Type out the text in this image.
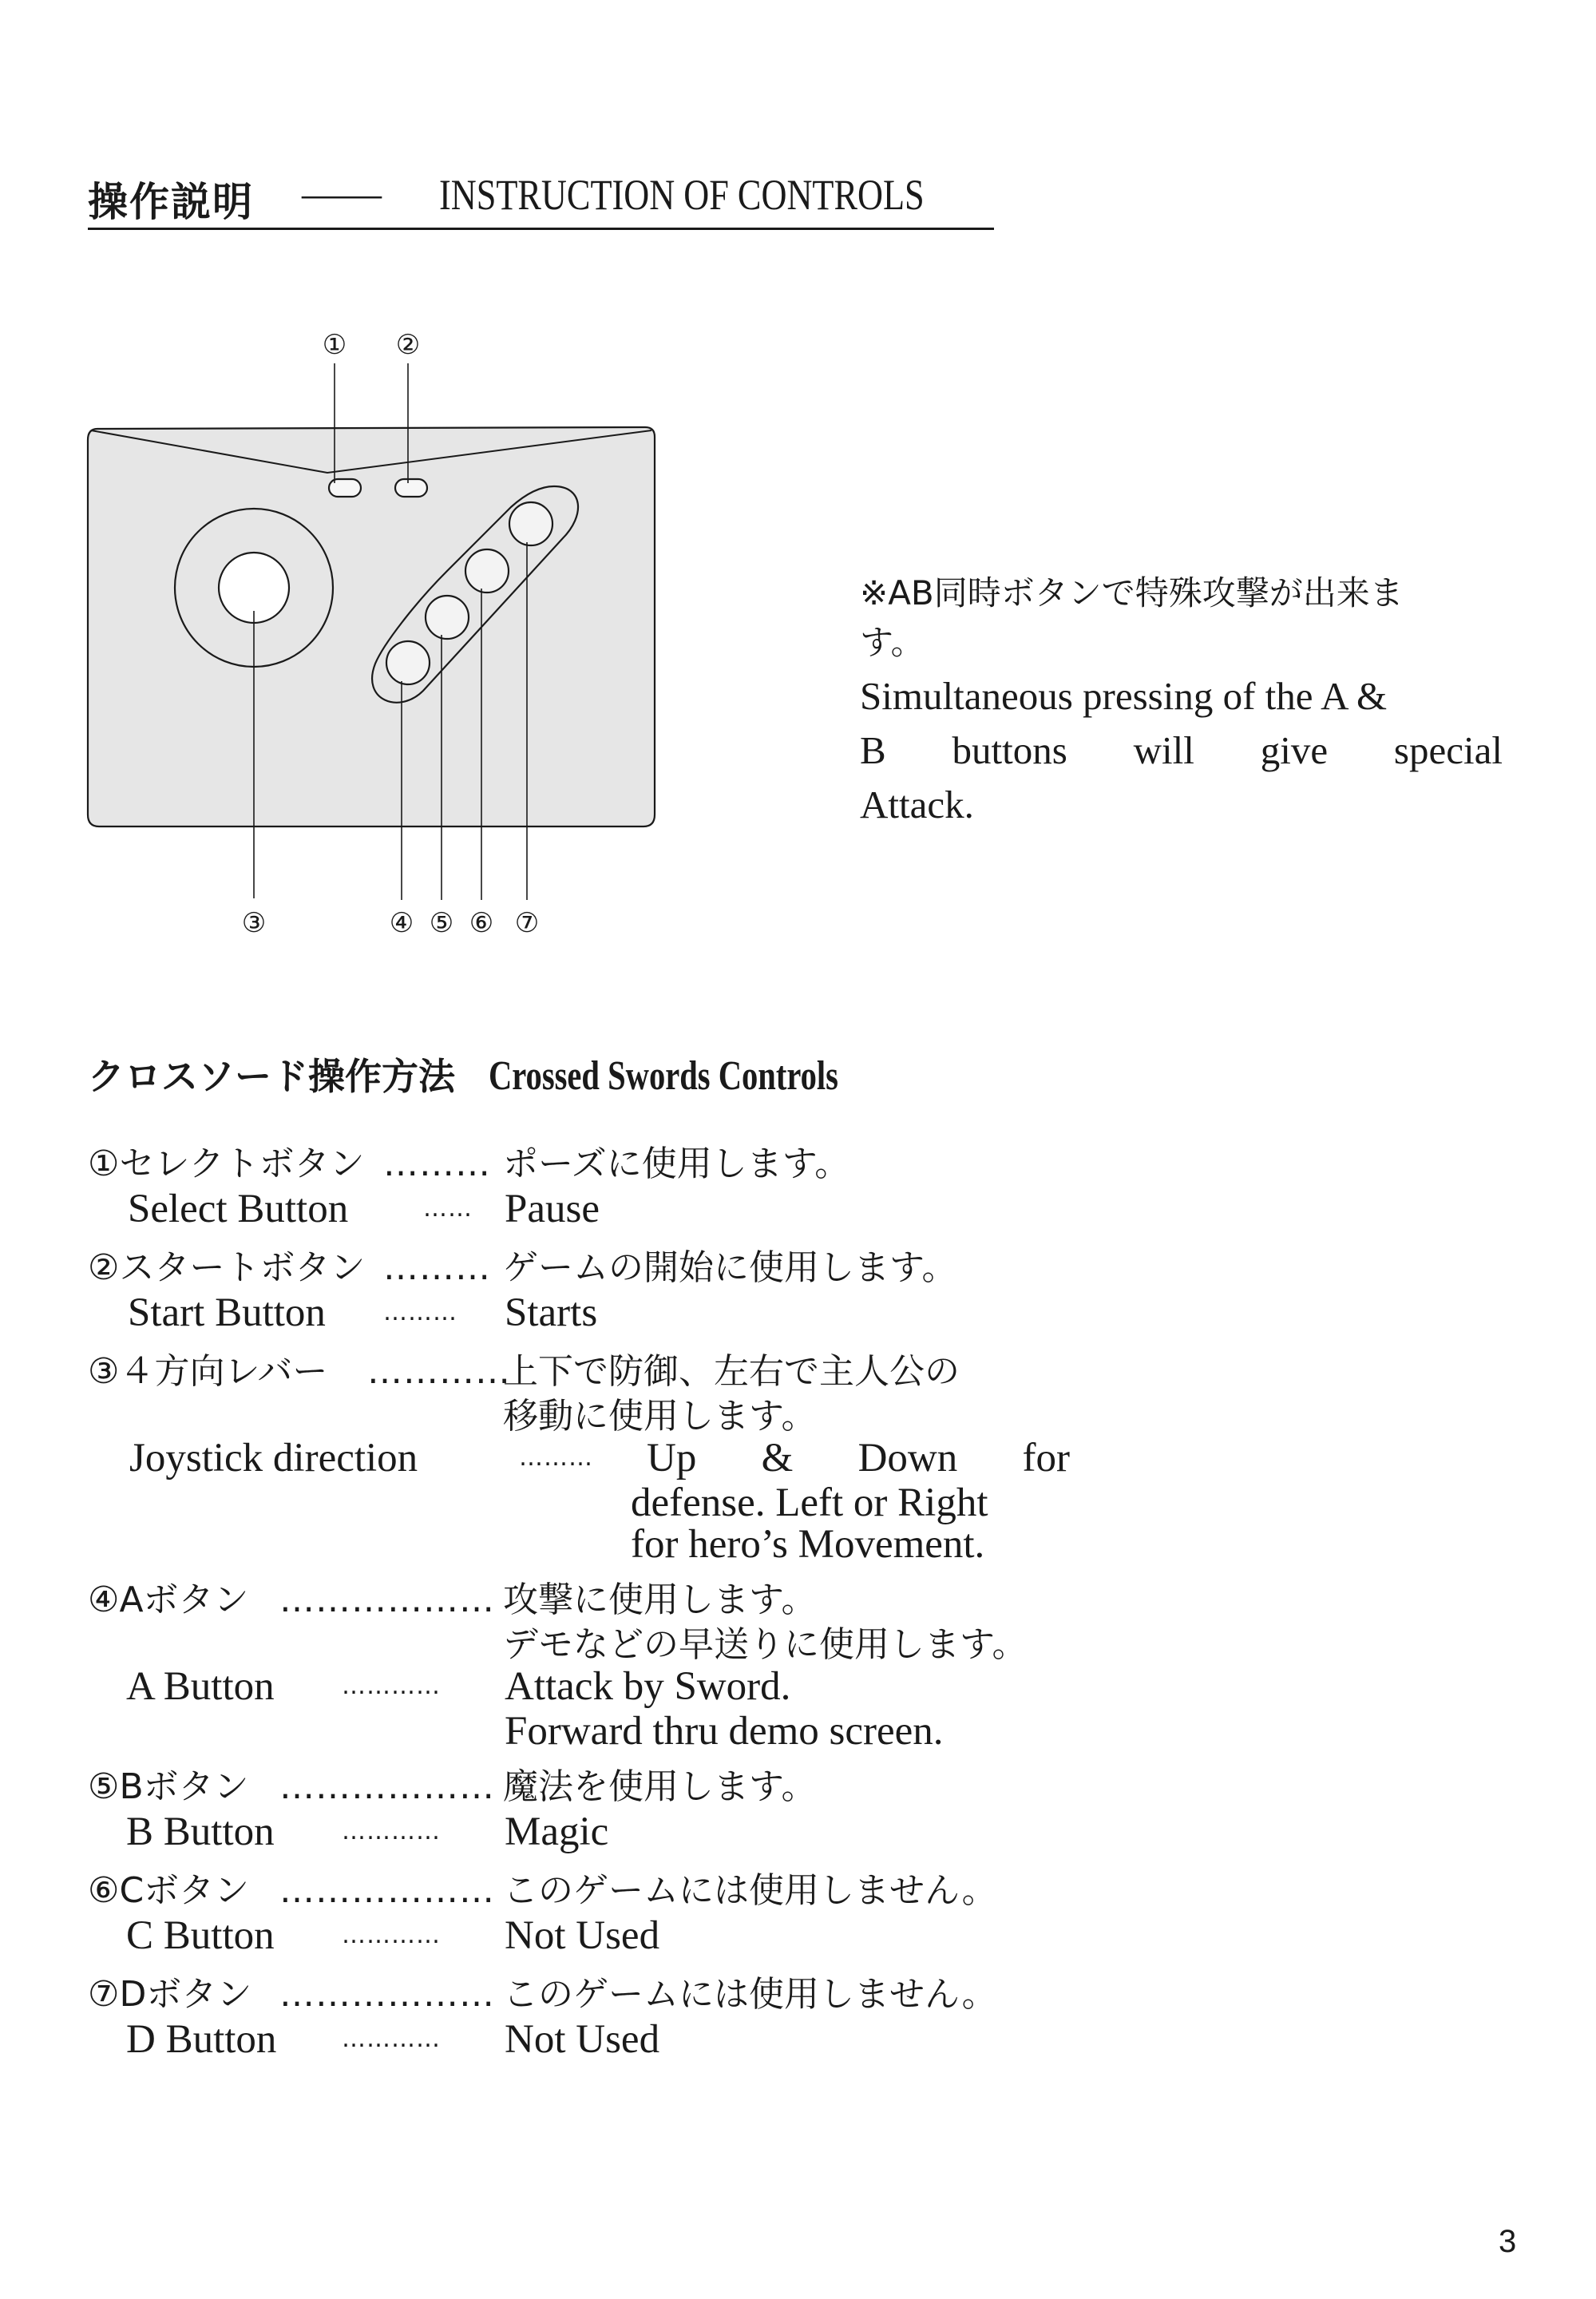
操作説明 —— INSTRUCTION OF CONTROLS
① ②
③	④ ⑤ ⑥ ⑦
※AB同時ボタンで特殊攻撃が出来ま
す。
Simultaneous pressing of the A &
B buttons will give special
Attack.
クロスソード操作方法 Crossed Swords Controls
①セレクトボタン ……… ポーズに使用します。
Select Button	…… Pause
②スタートボタン ……… ゲームの開始に使用します。
Start Button ……… Starts
③４方向レバー …………
上下で防御、左右で主人公の
移動に使用します。
Joystick direction	……… Up & Down for
defense. Left or Right
for hero’s Movement.
④Aボタン ……………… 攻撃に使用します。
デモなどの早送りに使用します。
A Button	………… Attack by Sword.
Forward thru demo screen.
⑤Bボタン ……………… 魔法を使用します。
B Button	………… Magic
⑥Cボタン ……………… このゲームには使用しません。
C Button	………… Not Used
⑦Dボタン ……………… このゲームには使用しません。
D Button	………… Not Used
3
